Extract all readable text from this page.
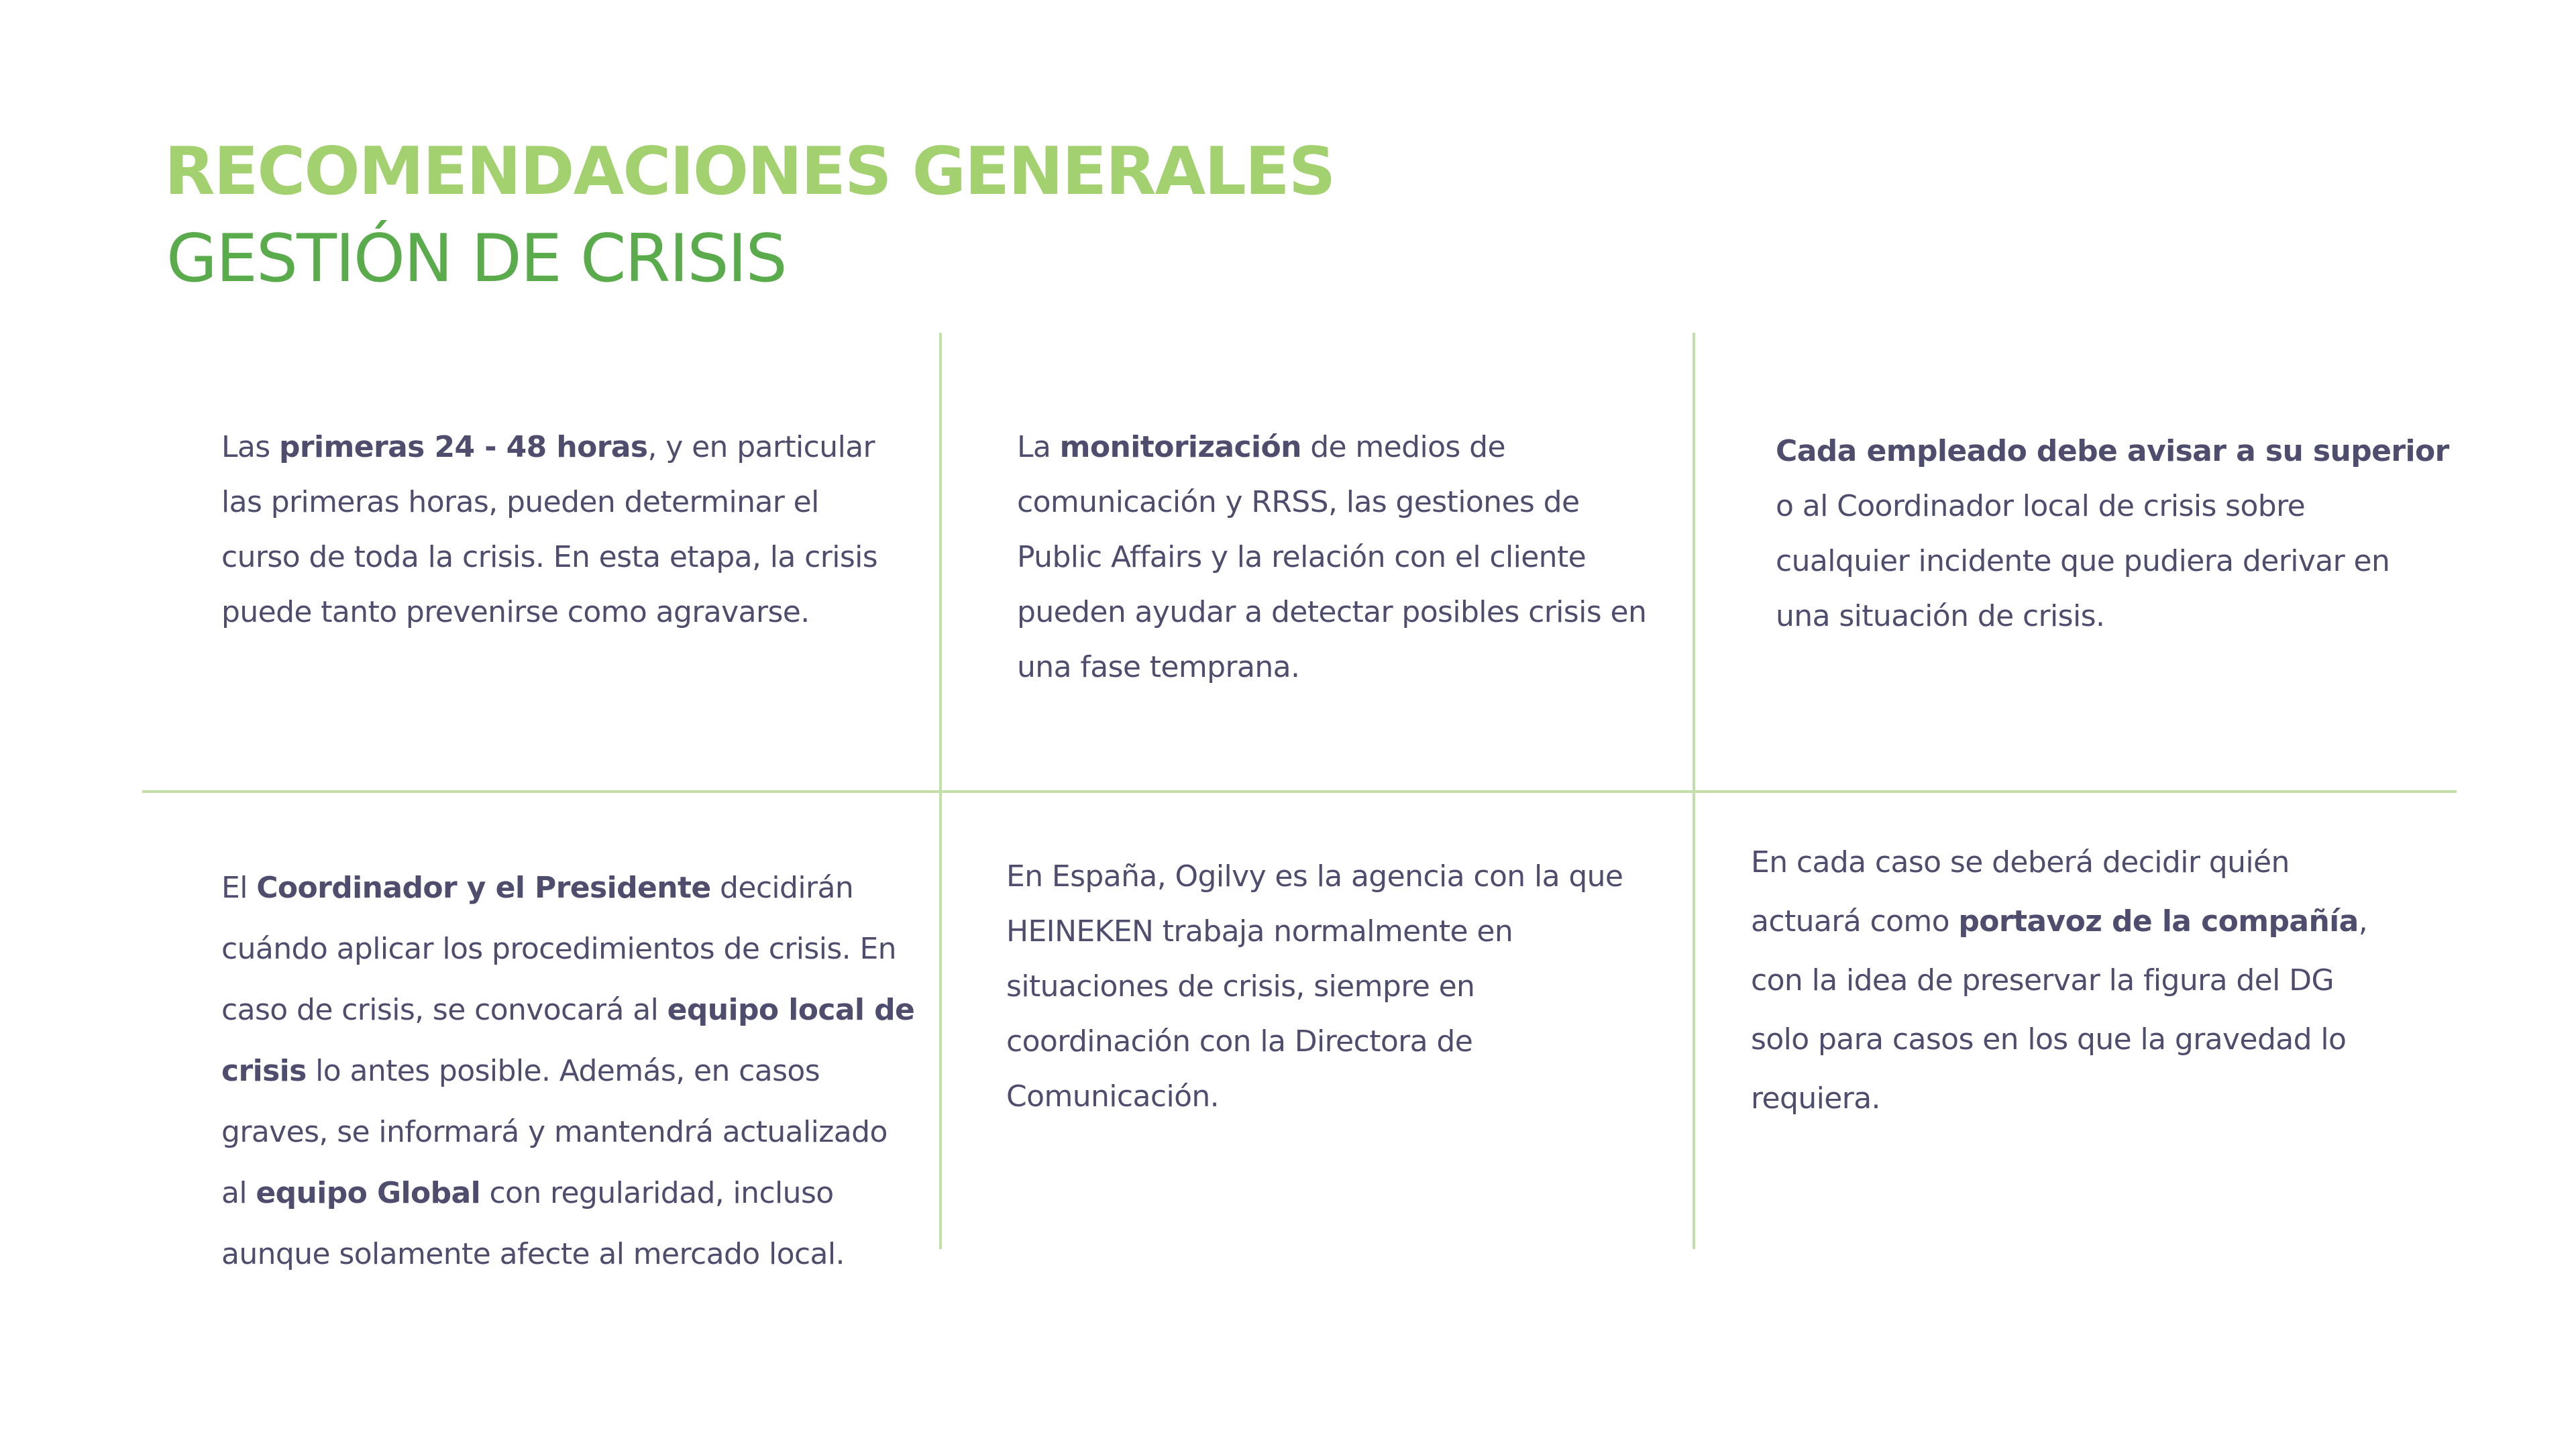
RECOMENDACIONES GENERALES
GESTIÓN DE CRISIS
Las primeras 24 - 48 horas, y en particular
las primeras horas, pueden determinar el
curso de toda la crisis. En esta etapa, la crisis
puede tanto prevenirse como agravarse.
La monitorización de medios de
comunicación y RRSS, las gestiones de
Public Affairs y la relación con el cliente
pueden ayudar a detectar posibles crisis en
una fase temprana.
Cada empleado debe avisar a su superior
o al Coordinador local de crisis sobre
cualquier incidente que pudiera derivar en
una situación de crisis.
El Coordinador y el Presidente decidirán
cuándo aplicar los procedimientos de crisis. En
caso de crisis, se convocará al equipo local de
crisis lo antes posible. Además, en casos
graves, se informará y mantendrá actualizado
al equipo Global con regularidad, incluso
aunque solamente afecte al mercado local.
En España, Ogilvy es la agencia con la que
HEINEKEN trabaja normalmente en
situaciones de crisis, siempre en
coordinación con la Directora de
Comunicación.
En cada caso se deberá decidir quién
actuará como portavoz de la compañía,
con la idea de preservar la figura del DG
solo para casos en los que la gravedad lo
requiera.
